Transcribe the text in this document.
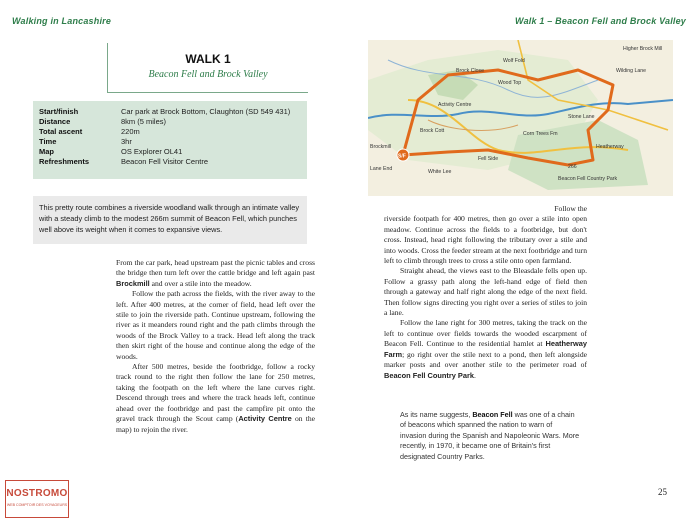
Walking in Lancashire	Walk 1 – Beacon Fell and Brock Valley
WALK 1
Beacon Fell and Brock Valley
Start/finish	Car park at Brock Bottom, Claughton (SD 549 431)
Distance	8km (5 miles)
Total ascent	220m
Time	3hr
Map	OS Explorer OL41
Refreshments	Beacon Fell Visitor Centre
This pretty route combines a riverside woodland walk through an intimate valley with a steady climb to the modest 266m summit of Beacon Fell, which punches well above its weight when it comes to expansive views.

From the car park, head upstream past the picnic tables and cross the bridge then turn left over the cattle bridge and left again past Brockmill and over a stile into the meadow.

Follow the path across the fields, with the river away to the left. After 400 metres, at the corner of field, head left over the stile to join the riverside path. Continue upstream, following the river as it meanders round right and the path climbs through the woods of the Brock Valley to a track. Head left along the track then skirt right of the house and continue along the edge of the woods.

After 500 metres, beside the footbridge, follow a rocky track round to the right then follow the lane for 250 metres, taking the footpath on the left where the lane curves right. Descend through trees and where the track heads left, continue ahead over the footbridge and past the campfire pit onto the gravel track through the Scout camp (Activity Centre on the map) to rejoin the river.

Follow the

riverside footpath for 400 metres, then go over a stile into open meadow. Continue across the fields to a footbridge, but don't cross. Instead, head right following the tributary over a stile and into woods. Cross the feeder stream at the next footbridge and turn left to climb through trees to cross a stile onto open farmland.

Straight ahead, the views east to the Bleasdale fells open up. Follow a grassy path along the left-hand edge of field then through a gateway and half right along the edge of the next field. Then follow signs directing you right over a series of stiles to join a lane.

Follow the lane right for 300 metres, taking the track on the left to continue over fields towards the wooded escarpment of Beacon Fell. Continue to the residential hamlet at Heatherway Farm; go right over the stile next to a pond, then left alongside marker posts and over another stile to the perimeter road of Beacon Fell Country Park.

As its name suggests, Beacon Fell was one of a chain of beacons which spanned the nation to warn of invasion during the Spanish and Napoleonic Wars. More recently, in 1970, it became one of Britain's first designated Country Parks.
S/F
Higher Brock Mill
Wilding Lane
Wolf Fold
Brock Close
Wood Top
Activity Centre
Brock Cott	Corn Trees Fm
Brockmill
Lane End	White Lee
Fell Side
Heatherway
Stone Lane
266
Beacon Fell Country Park
25
NOSTROMO
WEB COMPTOIR DES VOYAGEURS
